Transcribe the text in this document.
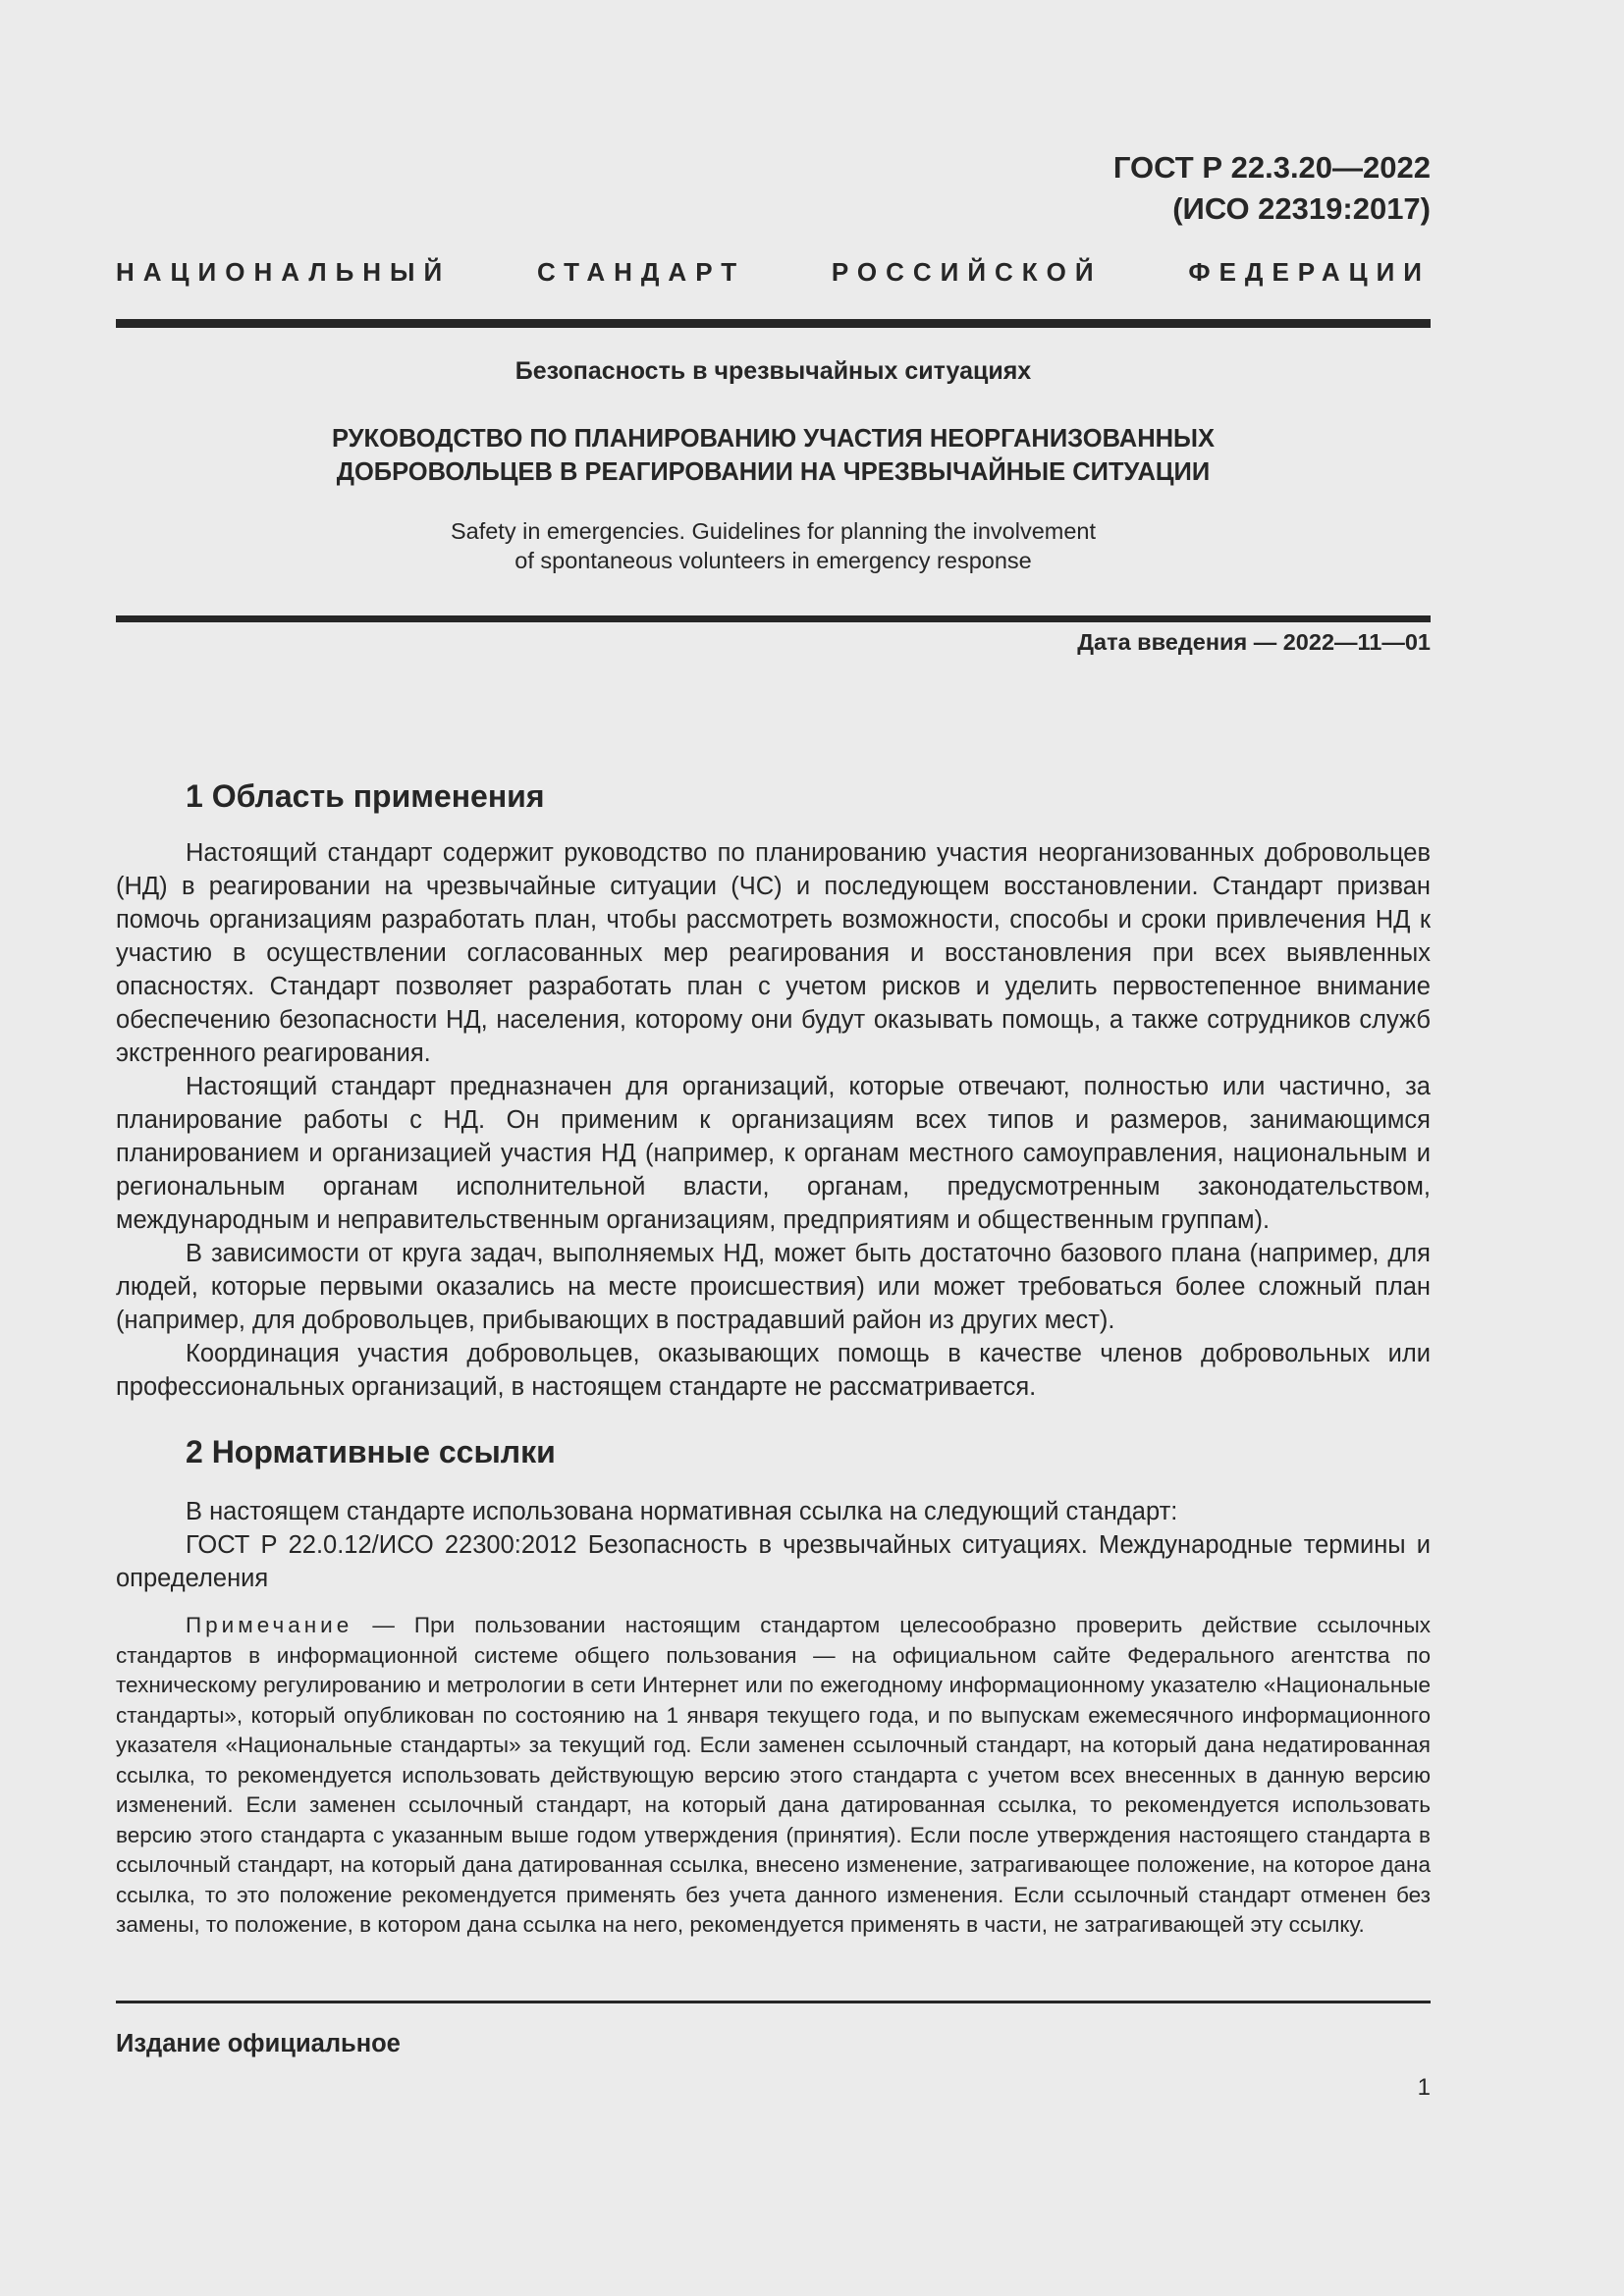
ГОСТ Р 22.3.20—2022
(ИСО 22319:2017)
НАЦИОНАЛЬНЫЙ СТАНДАРТ РОССИЙСКОЙ ФЕДЕРАЦИИ
Безопасность в чрезвычайных ситуациях
РУКОВОДСТВО ПО ПЛАНИРОВАНИЮ УЧАСТИЯ НЕОРГАНИЗОВАННЫХ
ДОБРОВОЛЬЦЕВ В РЕАГИРОВАНИИ НА ЧРЕЗВЫЧАЙНЫЕ СИТУАЦИИ
Safety in emergencies. Guidelines for planning the involvement
of spontaneous volunteers in emergency response
Дата введения — 2022—11—01
1 Область применения

Настоящий стандарт содержит руководство по планированию участия неорганизованных добровольцев (НД) в реагировании на чрезвычайные ситуации (ЧС) и последующем восстановлении. Стандарт призван помочь организациям разработать план, чтобы рассмотреть возможности, способы и сроки привлечения НД к участию в осуществлении согласованных мер реагирования и восстановления при всех выявленных опасностях. Стандарт позволяет разработать план с учетом рисков и уделить первостепенное внимание обеспечению безопасности НД, населения, которому они будут оказывать помощь, а также сотрудников служб экстренного реагирования.

Настоящий стандарт предназначен для организаций, которые отвечают, полностью или частично, за планирование работы с НД. Он применим к организациям всех типов и размеров, занимающимся планированием и организацией участия НД (например, к органам местного самоуправления, национальным и региональным органам исполнительной власти, органам, предусмотренным законодательством, международным и неправительственным организациям, предприятиям и общественным группам).

В зависимости от круга задач, выполняемых НД, может быть достаточно базового плана (например, для людей, которые первыми оказались на месте происшествия) или может требоваться более сложный план (например, для добровольцев, прибывающих в пострадавший район из других мест).

Координация участия добровольцев, оказывающих помощь в качестве членов добровольных или профессиональных организаций, в настоящем стандарте не рассматривается.

2 Нормативные ссылки

В настоящем стандарте использована нормативная ссылка на следующий стандарт:

ГОСТ Р 22.0.12/ИСО 22300:2012 Безопасность в чрезвычайных ситуациях. Международные термины и определения

Примечание — При пользовании настоящим стандартом целесообразно проверить действие ссылочных стандартов в информационной системе общего пользования — на официальном сайте Федерального агентства по техническому регулированию и метрологии в сети Интернет или по ежегодному информационному указателю «Национальные стандарты», который опубликован по состоянию на 1 января текущего года, и по выпускам ежемесячного информационного указателя «Национальные стандарты» за текущий год. Если заменен ссылочный стандарт, на который дана недатированная ссылка, то рекомендуется использовать действующую версию этого стандарта с учетом всех внесенных в данную версию изменений. Если заменен ссылочный стандарт, на который дана датированная ссылка, то рекомендуется использовать версию этого стандарта с указанным выше годом утверждения (принятия). Если после утверждения настоящего стандарта в ссылочный стандарт, на который дана датированная ссылка, внесено изменение, затрагивающее положение, на которое дана ссылка, то это положение рекомендуется применять без учета данного изменения. Если ссылочный стандарт отменен без замены, то положение, в котором дана ссылка на него, рекомендуется применять в части, не затрагивающей эту ссылку.

Издание официальное
1
